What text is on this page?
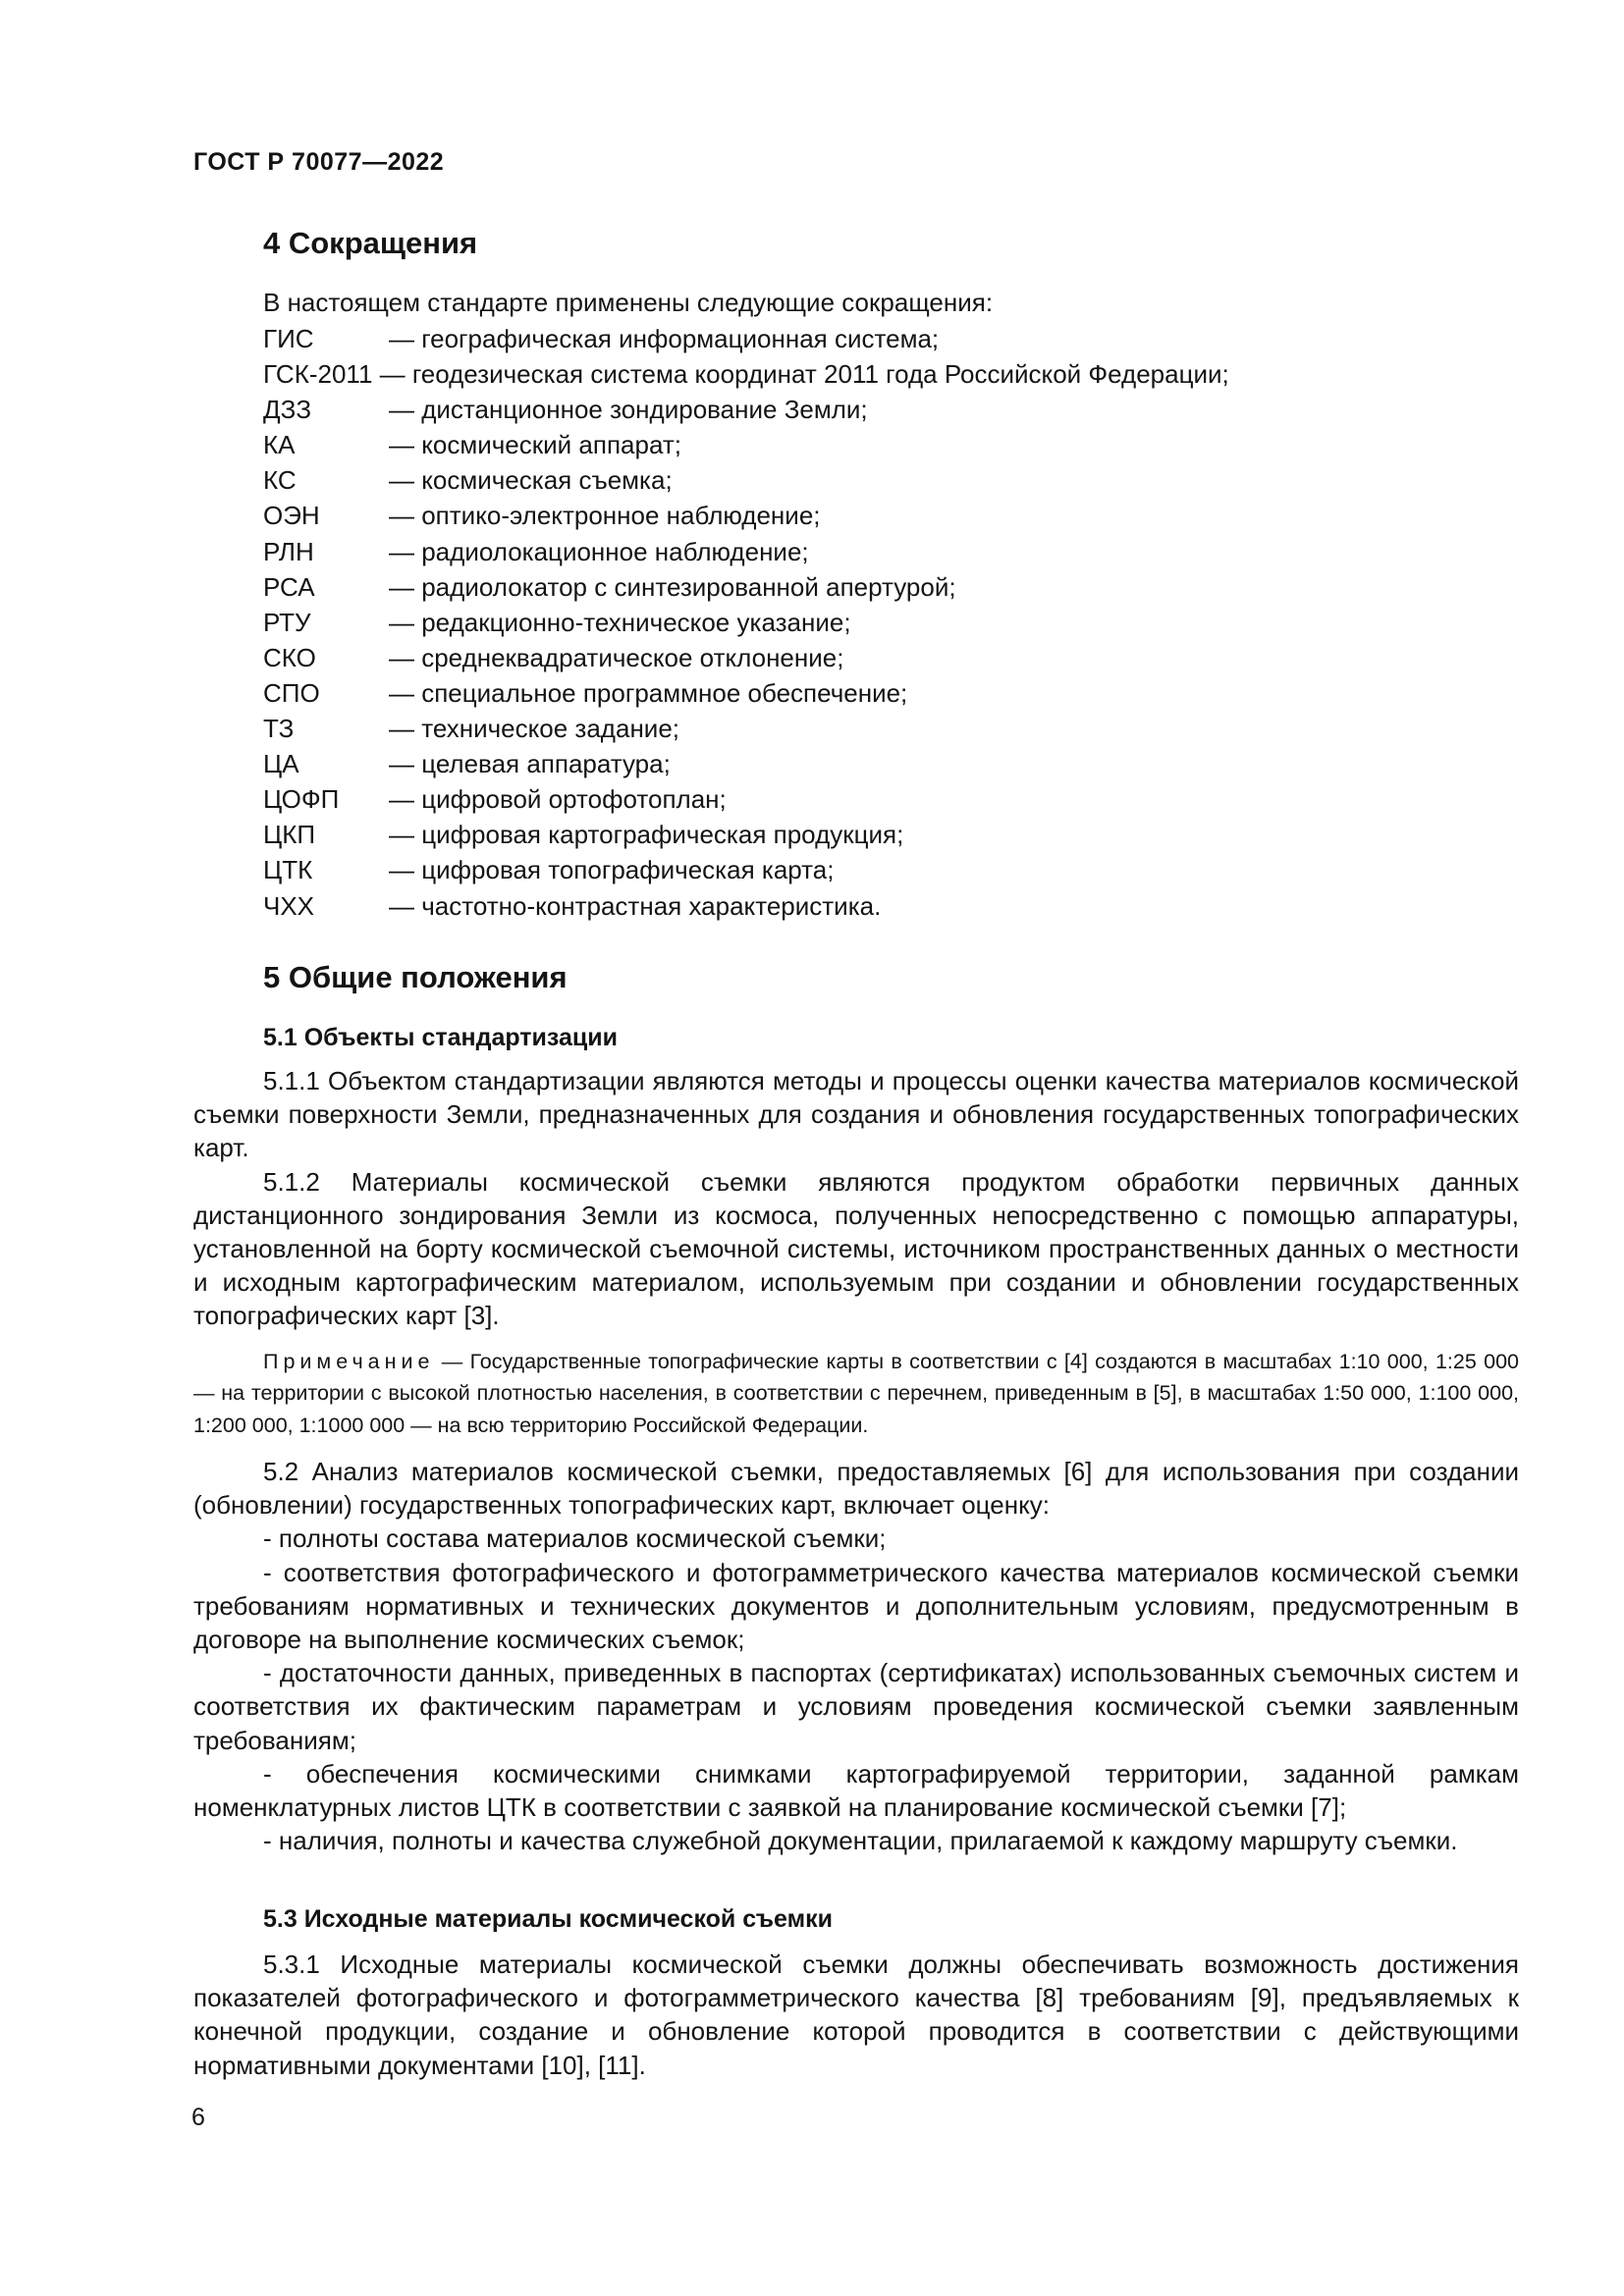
ГОСТ Р 70077—2022
4 Сокращения
В настоящем стандарте применены следующие сокращения:
ГИС	— географическая информационная система;
ГСК-2011 — геодезическая система координат 2011 года Российской Федерации;
ДЗЗ	— дистанционное зондирование Земли;
КА	— космический аппарат;
КС	— космическая съемка;
ОЭН	— оптико-электронное наблюдение;
РЛН	— радиолокационное наблюдение;
РСА	— радиолокатор с синтезированной апертурой;
РТУ	— редакционно-техническое указание;
СКО	— среднеквадратическое отклонение;
СПО	— специальное программное обеспечение;
ТЗ	— техническое задание;
ЦА	— целевая аппаратура;
ЦОФП — цифровой ортофотоплан;
ЦКП	— цифровая картографическая продукция;
ЦТК	— цифровая топографическая карта;
ЧХХ	— частотно-контрастная характеристика.
5 Общие положения
5.1 Объекты стандартизации

5.1.1 Объектом стандартизации являются методы и процессы оценки качества материалов космической съемки поверхности Земли, предназначенных для создания и обновления государственных топографических карт.

5.1.2 Материалы космической съемки являются продуктом обработки первичных данных дистанционного зондирования Земли из космоса, полученных непосредственно с помощью аппаратуры, установленной на борту космической съемочной системы, источником пространственных данных о местности и исходным картографическим материалом, используемым при создании и обновлении государственных топографических карт [3].

Примечание — Государственные топографические карты в соответствии с [4] создаются в масштабах 1:10 000, 1:25 000 — на территории с высокой плотностью населения, в соответствии с перечнем, приведенным в [5], в масштабах 1:50 000, 1:100 000, 1:200 000, 1:1000 000 — на всю территорию Российской Федерации.

5.2 Анализ материалов космической съемки, предоставляемых [6] для использования при создании (обновлении) государственных топографических карт, включает оценку:

- полноты состава материалов космической съемки;

- соответствия фотографического и фотограмметрического качества материалов космической съемки требованиям нормативных и технических документов и дополнительным условиям, предусмотренным в договоре на выполнение космических съемок;

- достаточности данных, приведенных в паспортах (сертификатах) использованных съемочных систем и соответствия их фактическим параметрам и условиям проведения космической съемки заявленным требованиям;

- обеспечения космическими снимками картографируемой территории, заданной рамкам номенклатурных листов ЦТК в соответствии с заявкой на планирование космической съемки [7];

- наличия, полноты и качества служебной документации, прилагаемой к каждому маршруту съемки.

5.3 Исходные материалы космической съемки

5.3.1 Исходные материалы космической съемки должны обеспечивать возможность достижения показателей фотографического и фотограмметрического качества [8] требованиям [9], предъявляемых к конечной продукции, создание и обновление которой проводится в соответствии с действующими нормативными документами [10], [11].

6
